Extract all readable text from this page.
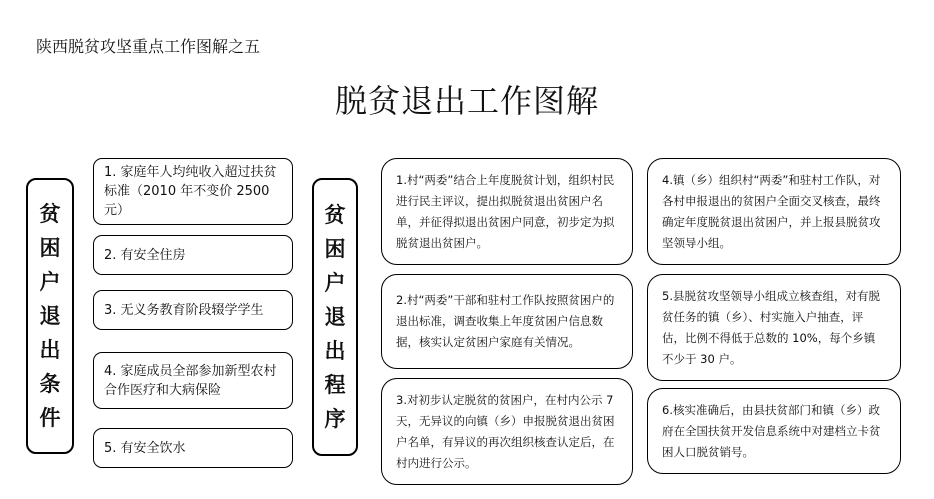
陕西脱贫攻坚重点工作图解之五
脱贫退出工作图解
贫
困
户
退
出
条
件
1. 家庭年人均纯收入超过扶贫标准（2010 年不变价 2500 元）
2. 有安全住房
3. 无义务教育阶段辍学学生
4. 家庭成员全部参加新型农村合作医疗和大病保险
5. 有安全饮水
贫
困
户
退
出
程
序
1.村“两委”结合上年度脱贫计划，组织村民进行民主评议，提出拟脱贫退出贫困户名单，并征得拟退出贫困户同意，初步定为拟脱贫退出贫困户。
2.村“两委”干部和驻村工作队按照贫困户的退出标准，调查收集上年度贫困户信息数据，核实认定贫困户家庭有关情况。
3.对初步认定脱贫的贫困户，在村内公示 7 天，无异议的向镇（乡）申报脱贫退出贫困户名单，有异议的再次组织核查认定后，在村内进行公示。
4.镇（乡）组织村“两委”和驻村工作队，对各村申报退出的贫困户全面交叉核查，最终确定年度脱贫退出贫困户，并上报县脱贫攻坚领导小组。
5.县脱贫攻坚领导小组成立核查组，对有脱贫任务的镇（乡）、村实施入户抽查，评估，比例不得低于总数的 10%，每个乡镇不少于 30 户。
6.核实准确后，由县扶贫部门和镇（乡）政府在全国扶贫开发信息系统中对建档立卡贫困人口脱贫销号。
